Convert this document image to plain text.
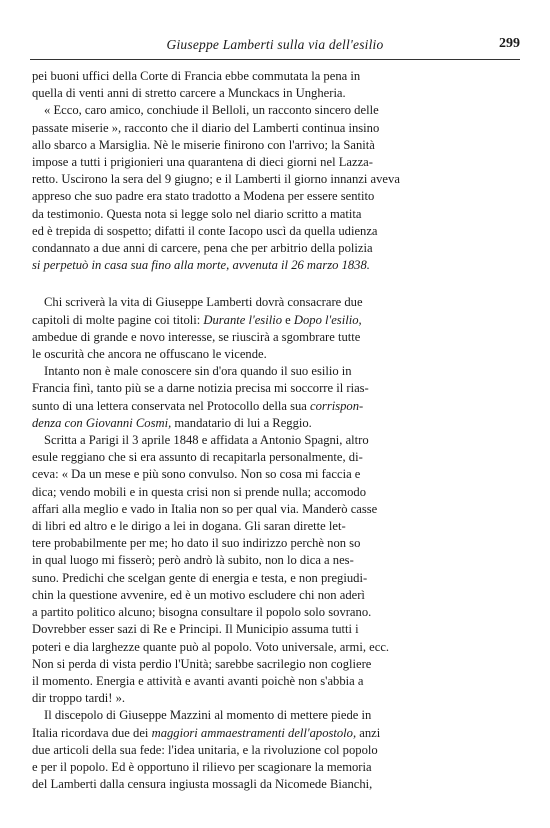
Giuseppe Lamberti sulla via dell'esilio	299
pei buoni uffici della Corte di Francia ebbe commutata la pena in
quella di venti anni di stretto carcere a Munckacs in Ungheria.
« Ecco, caro amico, conchiude il Belloli, un racconto sincero delle
passate miserie », racconto che il diario del Lamberti continua insino
allo sbarco a Marsiglia. Nè le miserie finirono con l'arrivo; la Sanità
impose a tutti i prigionieri una quarantena di dieci giorni nel Lazza-
retto. Uscirono la sera del 9 giugno; e il Lamberti il giorno innanzi aveva
appreso che suo padre era stato tradotto a Modena per essere sentito
da testimonio. Questa nota si legge solo nel diario scritto a matita
ed è trepida di sospetto; difatti il conte Iacopo uscì da quella udienza
condannato a due anni di carcere, pena che per arbitrio della polizia
si perpetuò in casa sua fino alla morte, avvenuta il 26 marzo 1838.
Chi scriverà la vita di Giuseppe Lamberti dovrà consacrare due
capitoli di molte pagine coi titoli: Durante l'esilio e Dopo l'esilio,
ambedue di grande e novo interesse, se riuscirà a sgombrare tutte
le oscurità che ancora ne offuscano le vicende.
Intanto non è male conoscere sin d'ora quando il suo esilio in
Francia finì, tanto più se a darne notizia precisa mi soccorre il rias-
sunto di una lettera conservata nel Protocollo della sua corrispon-
denza con Giovanni Cosmi, mandatario di lui a Reggio.
Scritta a Parigi il 3 aprile 1848 e affidata a Antonio Spagni, altro
esule reggiano che si era assunto di recapitarla personalmente, di-
ceva: « Da un mese e più sono convulso. Non so cosa mi faccia e
dica; vendo mobili e in questa crisi non si prende nulla; accomodo
affari alla meglio e vado in Italia non so per qual via. Manderò casse
di libri ed altro e le dirigo a lei in dogana. Gli saran dirette let-
tere probabilmente per me; ho dato il suo indirizzo perchè non so
in qual luogo mi fisserò; però andrò là subito, non lo dica a nes-
suno. Predichi che scelgan gente di energia e testa, e non pregiudi-
chin la questione avvenire, ed è un motivo escludere chi non aderì
a partito politico alcuno; bisogna consultare il popolo solo sovrano.
Dovrebber esser sazi di Re e Principi. Il Municipio assuma tutti i
poteri e dia larghezze quante può al popolo. Voto universale, armi, ecc.
Non si perda di vista perdio l'Unità; sarebbe sacrilegio non cogliere
il momento. Energia e attività e avanti avanti poichè non s'abbia a
dir troppo tardi! ».
Il discepolo di Giuseppe Mazzini al momento di mettere piede in
Italia ricordava due dei maggiori ammaestramenti dell'apostolo, anzi
due articoli della sua fede: l'idea unitaria, e la rivoluzione col popolo
e per il popolo. Ed è opportuno il rilievo per scagionare la memoria
del Lamberti dalla censura ingiusta mossagli da Nicomede Bianchi,
